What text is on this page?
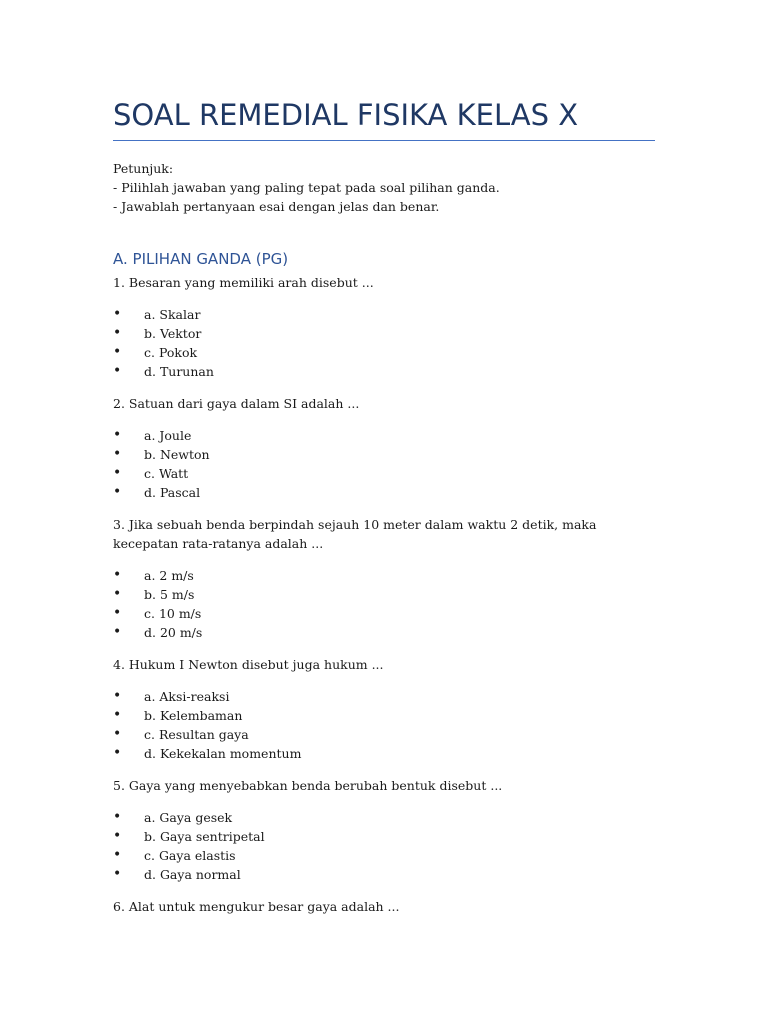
SOAL REMEDIAL FISIKA KELAS X
Petunjuk:
- Pilihlah jawaban yang paling tepat pada soal pilihan ganda.
- Jawablah pertanyaan esai dengan jelas dan benar.
A. PILIHAN GANDA (PG)
1. Besaran yang memiliki arah disebut ...
• a. Skalar
• b. Vektor
• c. Pokok
• d. Turunan
2. Satuan dari gaya dalam SI adalah ...
• a. Joule
• b. Newton
• c. Watt
• d. Pascal
3. Jika sebuah benda berpindah sejauh 10 meter dalam waktu 2 detik, maka kecepatan rata-ratanya adalah ...
• a. 2 m/s
• b. 5 m/s
• c. 10 m/s
• d. 20 m/s
4. Hukum I Newton disebut juga hukum ...
• a. Aksi-reaksi
• b. Kelembaman
• c. Resultan gaya
• d. Kekekalan momentum
5. Gaya yang menyebabkan benda berubah bentuk disebut ...
• a. Gaya gesek
• b. Gaya sentripetal
• c. Gaya elastis
• d. Gaya normal
6. Alat untuk mengukur besar gaya adalah ...
